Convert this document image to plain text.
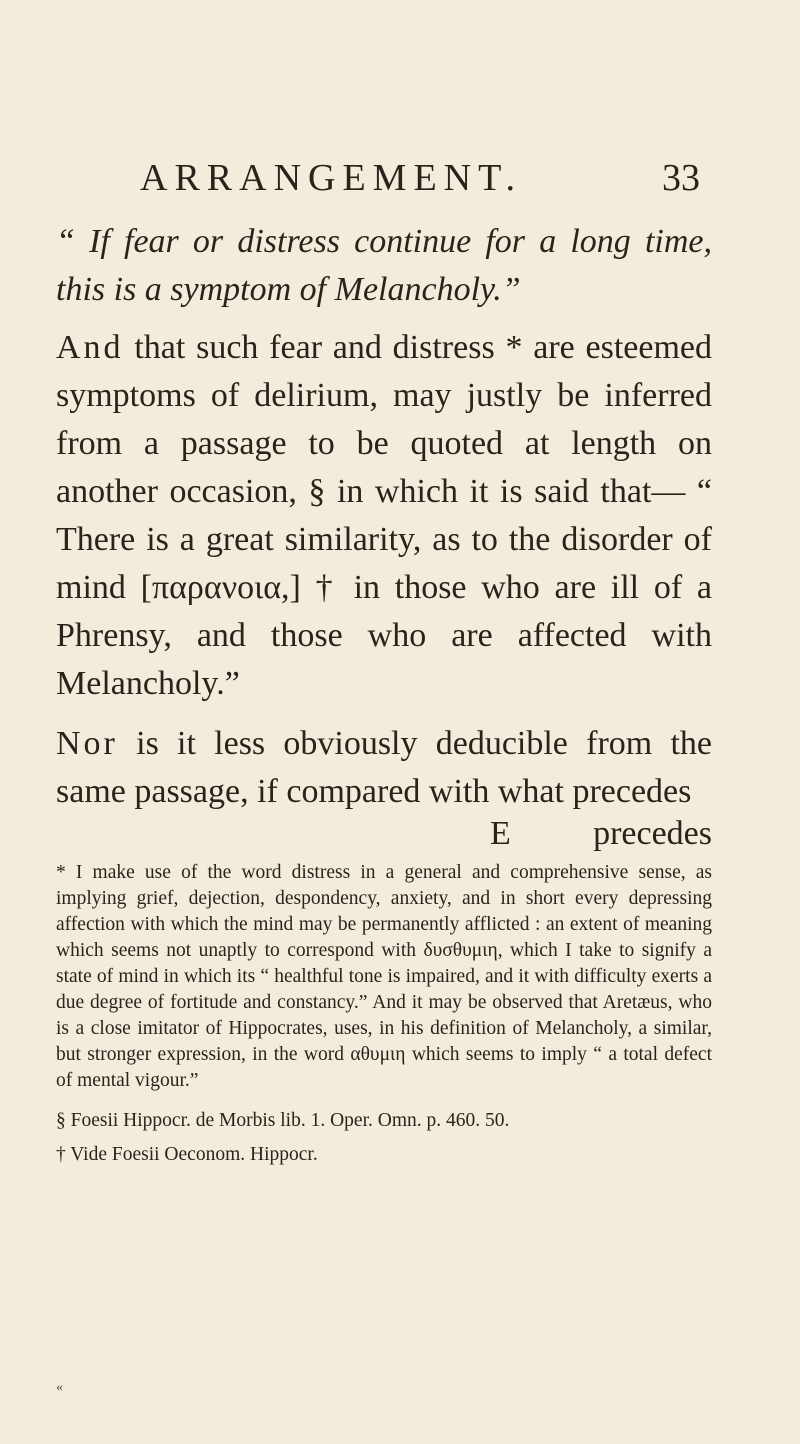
ARRANGEMENT.	33

“ If fear or distress continue for a long time, this is a symptom of Melancholy.”

And that such fear and distress * are esteemed symptoms of delirium, may justly be inferred from a passage to be quoted at length on another occasion, § in which it is said that— “ There is a great similarity, as to the disorder of mind [παρανοια,] † in those who are ill of a Phrensy, and those who are affected with Melancholy.”

Nor is it less obviously deducible from the same passage, if compared with what precedes

E precedes

* I make use of the word distress in a general and comprehensive sense, as implying grief, dejection, despondency, anxiety, and in short every depressing affection with which the mind may be permanently afflicted : an extent of meaning which seems not unaptly to correspond with δυσθυμιη, which I take to signify a state of mind in which its “ healthful tone is impaired, and it with difficulty exerts a due degree of fortitude and constancy.” And it may be observed that Aretæus, who is a close imitator of Hippocrates, uses, in his definition of Melancholy, a similar, but stronger expression, in the word αθυμιη which seems to imply “ a total defect of mental vigour.”

§ Foesii Hippocr. de Morbis lib. 1. Oper. Omn. p. 460. 50.

† Vide Foesii Oeconom. Hippocr.

«
